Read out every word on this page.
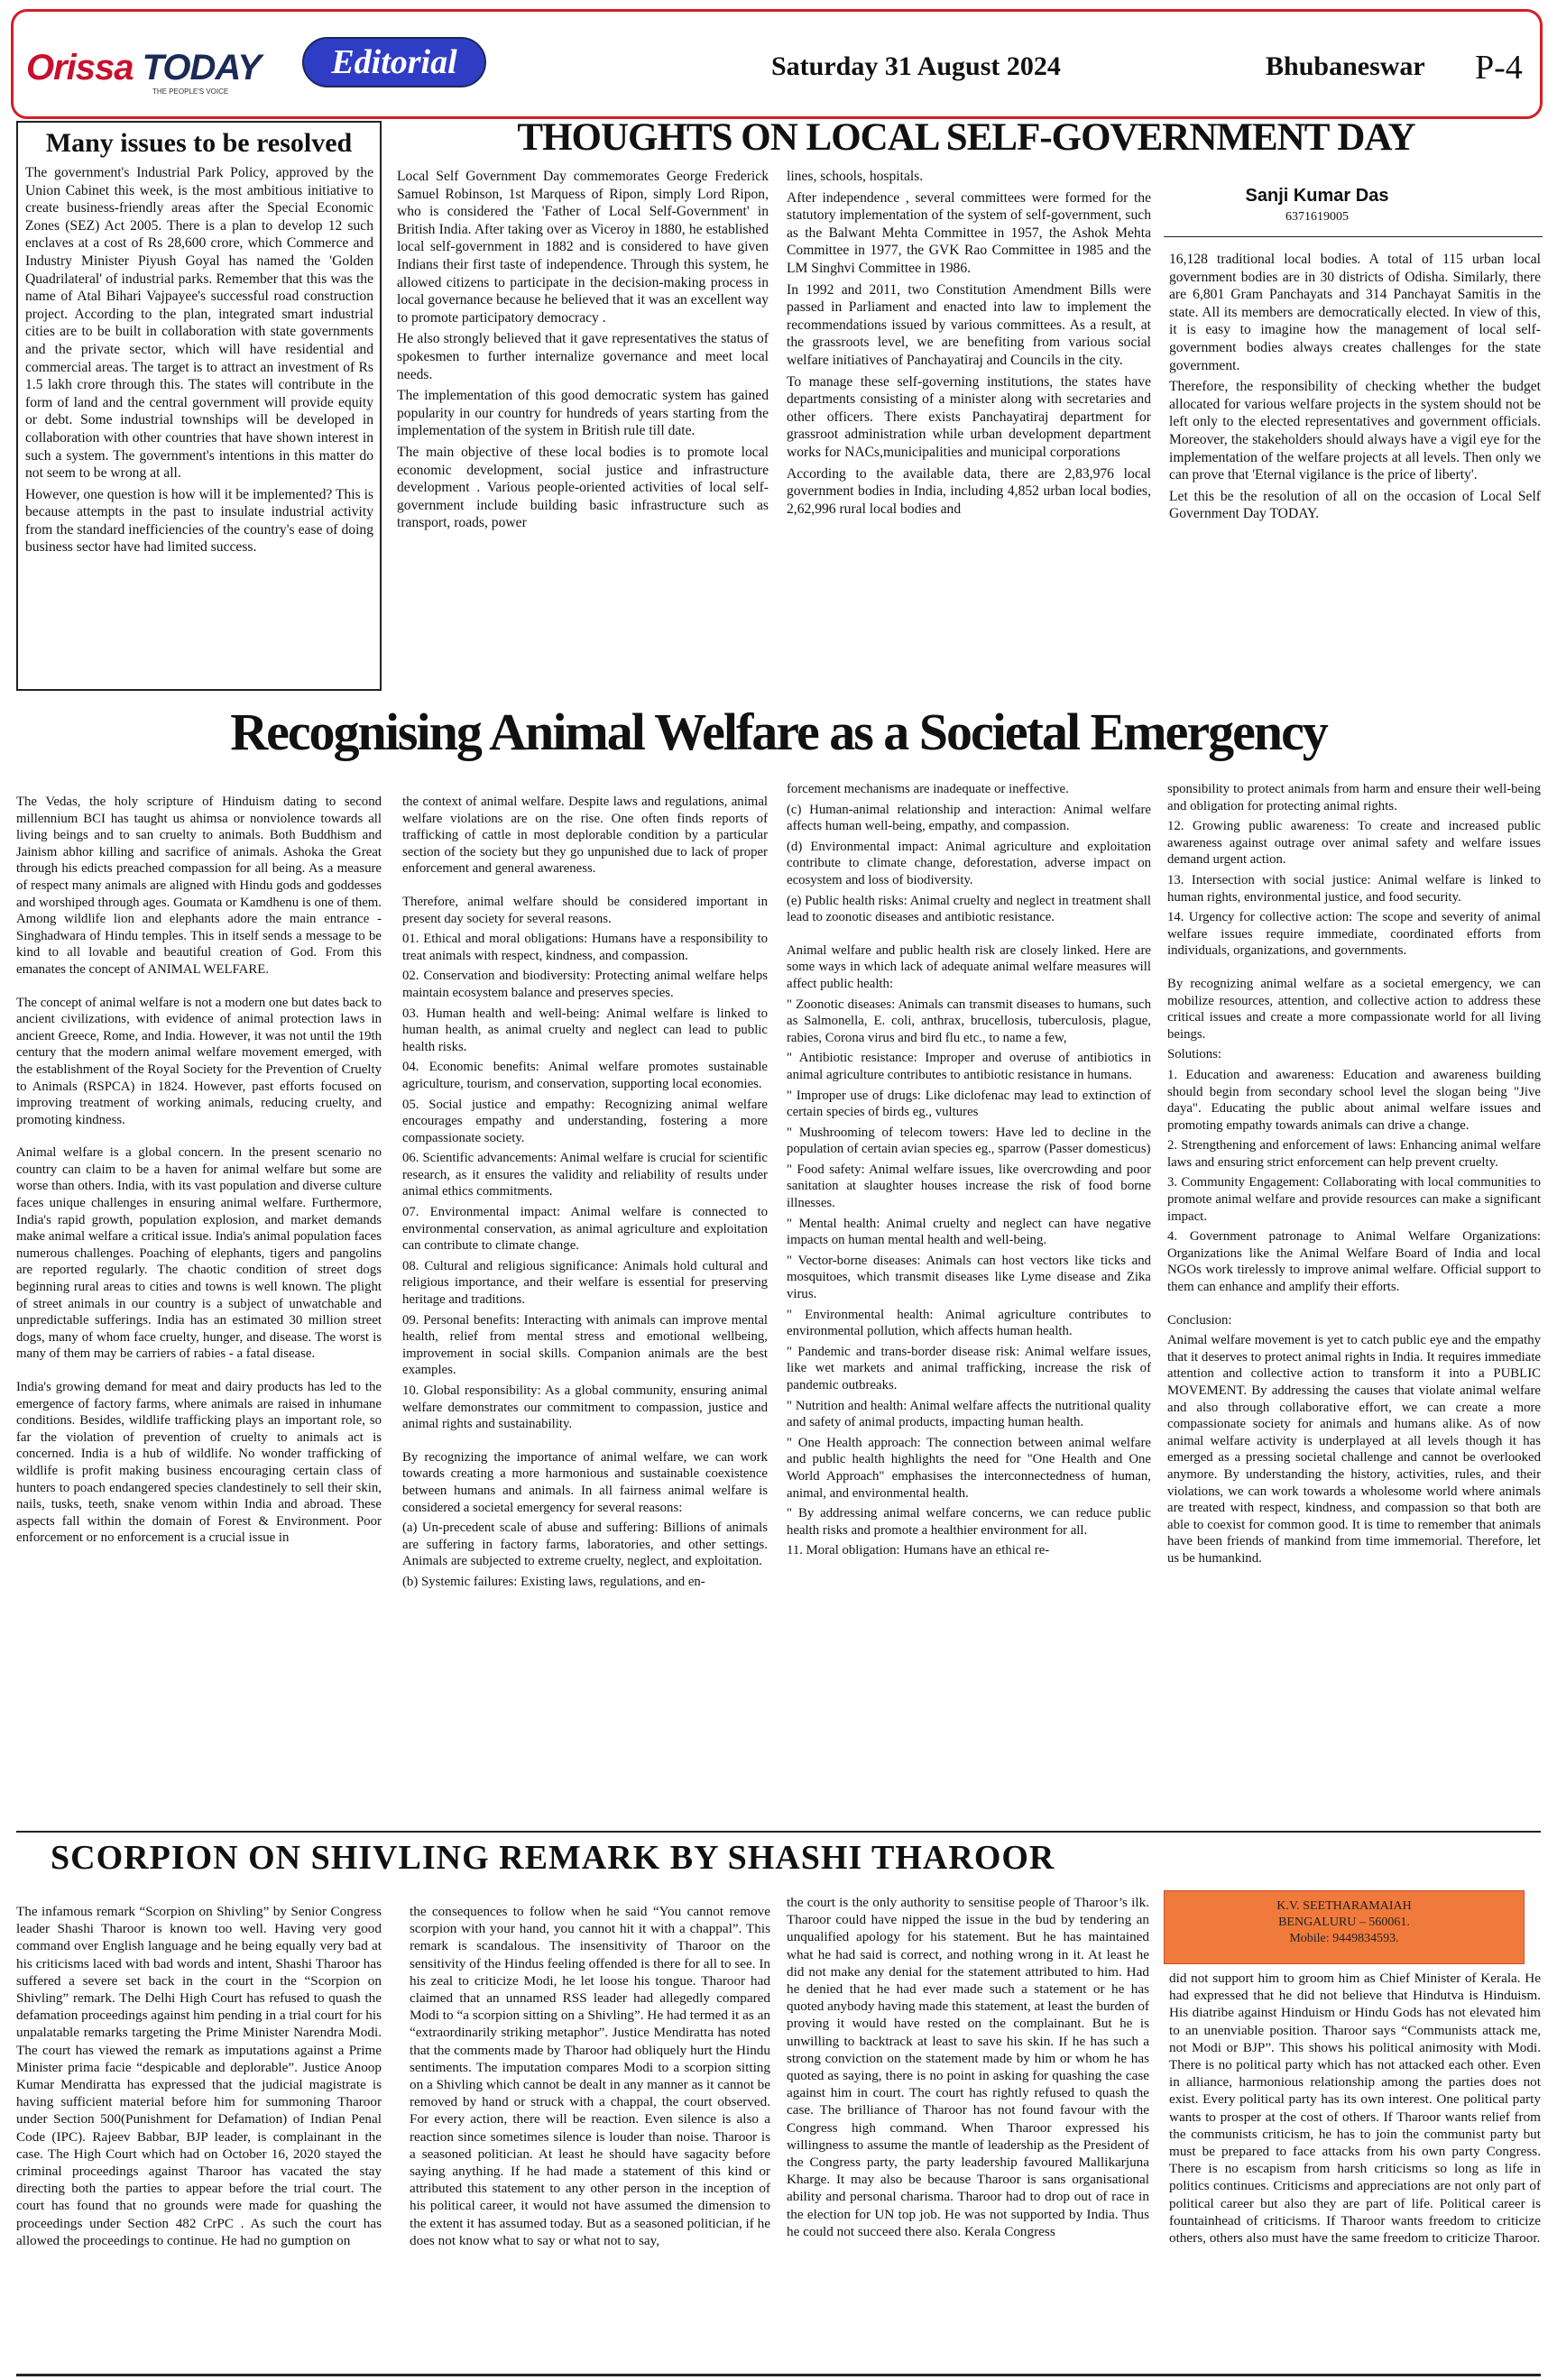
Orissa TODAY
THE PEOPLE'S VOICE
Editorial	Saturday 31 August 2024	Bhubaneswar P-4
Many issues to be resolved

The government's Industrial Park Policy, approved by the Union Cabinet this week, is the most ambitious initiative to create business-friendly areas after the Special Economic Zones (SEZ) Act 2005. There is a plan to develop 12 such enclaves at a cost of Rs 28,600 crore, which Commerce and Industry Minister Piyush Goyal has named the 'Golden Quadrilateral' of industrial parks. Remember that this was the name of Atal Bihari Vajpayee's successful road construction project. According to the plan, integrated smart industrial cities are to be built in collaboration with state governments and the private sector, which will have residential and commercial areas. The target is to attract an investment of Rs 1.5 lakh crore through this. The states will contribute in the form of land and the central government will provide equity or debt. Some industrial townships will be developed in collaboration with other countries that have shown interest in such a system. The government's intentions in this matter do not seem to be wrong at all.

However, one question is how will it be implemented? This is because attempts in the past to insulate industrial activity from the standard inefficiencies of the country's ease of doing business sector have had limited success.

THOUGHTS ON LOCAL SELF-GOVERNMENT DAY

Local Self Government Day commemorates George Frederick Samuel Robinson, 1st Marquess of Ripon, simply Lord Ripon, who is considered the 'Father of Local Self-Government' in British India. After taking over as Viceroy in 1880, he established local self-government in 1882 and is considered to have given Indians their first taste of independence. Through this system, he allowed citizens to participate in the decision-making process in local governance because he believed that it was an excellent way to promote participatory democracy .

He also strongly believed that it gave representatives the status of spokesmen to further internalize governance and meet local needs.

The implementation of this good democratic system has gained popularity in our country for hundreds of years starting from the implementation of the system in British rule till date.

The main objective of these local bodies is to promote local economic development, social justice and infrastructure development . Various people-oriented activities of local self-government include building basic infrastructure such as transport, roads, power

lines, schools, hospitals.

After independence , several committees were formed for the statutory implementation of the system of self-government, such as the Balwant Mehta Committee in 1957, the Ashok Mehta Committee in 1977, the GVK Rao Committee in 1985 and the LM Singhvi Committee in 1986.

In 1992 and 2011, two Constitution Amendment Bills were passed in Parliament and enacted into law to implement the recommendations issued by various committees. As a result, at the grassroots level, we are benefiting from various social welfare initiatives of Panchayatiraj and Councils in the city.

To manage these self-governing institutions, the states have departments consisting of a minister along with secretaries and other officers. There exists Panchayatiraj department for grassroot administration while urban development department works for NACs,municipalities and municipal corporations

According to the available data, there are 2,83,976 local government bodies in India, including 4,852 urban local bodies, 2,62,996 rural local bodies and

Sanji Kumar Das
6371619005

16,128 traditional local bodies. A total of 115 urban local government bodies are in 30 districts of Odisha. Similarly, there are 6,801 Gram Panchayats and 314 Panchayat Samitis in the state. All its members are democratically elected. In view of this, it is easy to imagine how the management of local self-government bodies always creates challenges for the state government.

Therefore, the responsibility of checking whether the budget allocated for various welfare projects in the system should not be left only to the elected representatives and government officials. Moreover, the stakeholders should always have a vigil eye for the implementation of the welfare projects at all levels. Then only we can prove that 'Eternal vigilance is the price of liberty'.

Let this be the resolution of all on the occasion of Local Self Government Day TODAY.

Recognising Animal Welfare as a Societal Emergency

The Vedas, the holy scripture of Hinduism dating to second millennium BCI has taught us ahimsa or nonviolence towards all living beings and to san cruelty to animals. Both Buddhism and Jainism abhor killing and sacrifice of animals. Ashoka the Great through his edicts preached compassion for all being. As a measure of respect many animals are aligned with Hindu gods and goddesses and worshiped through ages. Goumata or Kamdhenu is one of them. Among wildlife lion and elephants adore the main entrance - Singhadwara of Hindu temples. This in itself sends a message to be kind to all lovable and beautiful creation of God. From this emanates the concept of ANIMAL WELFARE.

The concept of animal welfare is not a modern one but dates back to ancient civilizations, with evidence of animal protection laws in ancient Greece, Rome, and India. However, it was not until the 19th century that the modern animal welfare movement emerged, with the establishment of the Royal Society for the Prevention of Cruelty to Animals (RSPCA) in 1824. However, past efforts focused on improving treatment of working animals, reducing cruelty, and promoting kindness.

Animal welfare is a global concern. In the present scenario no country can claim to be a haven for animal welfare but some are worse than others. India, with its vast population and diverse culture faces unique challenges in ensuring animal welfare. Furthermore, India's rapid growth, population explosion, and market demands make animal welfare a critical issue. India's animal population faces numerous challenges. Poaching of elephants, tigers and pangolins are reported regularly. The chaotic condition of street dogs beginning rural areas to cities and towns is well known. The plight of street animals in our country is a subject of unwatchable and unpredictable sufferings. India has an estimated 30 million street dogs, many of whom face cruelty, hunger, and disease. The worst is many of them may be carriers of rabies - a fatal disease.

India's growing demand for meat and dairy products has led to the emergence of factory farms, where animals are raised in inhumane conditions. Besides, wildlife trafficking plays an important role, so far the violation of prevention of cruelty to animals act is concerned. India is a hub of wildlife. No wonder trafficking of wildlife is profit making business encouraging certain class of hunters to poach endangered species clandestinely to sell their skin, nails, tusks, teeth, snake venom within India and abroad. These aspects fall within the domain of Forest & Environment. Poor enforcement or no enforcement is a crucial issue in

the context of animal welfare. Despite laws and regulations, animal welfare violations are on the rise. One often finds reports of trafficking of cattle in most deplorable condition by a particular section of the society but they go unpunished due to lack of proper enforcement and general awareness.

Therefore, animal welfare should be considered important in present day society for several reasons.

01. Ethical and moral obligations: Humans have a responsibility to treat animals with respect, kindness, and compassion.

02. Conservation and biodiversity: Protecting animal welfare helps maintain ecosystem balance and preserves species.

03. Human health and well-being: Animal welfare is linked to human health, as animal cruelty and neglect can lead to public health risks.

04. Economic benefits: Animal welfare promotes sustainable agriculture, tourism, and conservation, supporting local economies.

05. Social justice and empathy: Recognizing animal welfare encourages empathy and understanding, fostering a more compassionate society.

06. Scientific advancements: Animal welfare is crucial for scientific research, as it ensures the validity and reliability of results under animal ethics commitments.

07. Environmental impact: Animal welfare is connected to environmental conservation, as animal agriculture and exploitation can contribute to climate change.

08. Cultural and religious significance: Animals hold cultural and religious importance, and their welfare is essential for preserving heritage and traditions.

09. Personal benefits: Interacting with animals can improve mental health, relief from mental stress and emotional wellbeing, improvement in social skills. Companion animals are the best examples.

10. Global responsibility: As a global community, ensuring animal welfare demonstrates our commitment to compassion, justice and animal rights and sustainability.

By recognizing the importance of animal welfare, we can work towards creating a more harmonious and sustainable coexistence between humans and animals. In all fairness animal welfare is considered a societal emergency for several reasons:

(a) Un-precedent scale of abuse and suffering: Billions of animals are suffering in factory farms, laboratories, and other settings. Animals are subjected to extreme cruelty, neglect, and exploitation.

(b) Systemic failures: Existing laws, regulations, and en-

forcement mechanisms are inadequate or ineffective.

(c) Human-animal relationship and interaction: Animal welfare affects human well-being, empathy, and compassion.

(d) Environmental impact: Animal agriculture and exploitation contribute to climate change, deforestation, adverse impact on ecosystem and loss of biodiversity.

(e) Public health risks: Animal cruelty and neglect in treatment shall lead to zoonotic diseases and antibiotic resistance.

Animal welfare and public health risk are closely linked. Here are some ways in which lack of adequate animal welfare measures will affect public health:

" Zoonotic diseases: Animals can transmit diseases to humans, such as Salmonella, E. coli, anthrax, brucellosis, tuberculosis, plague, rabies, Corona virus and bird flu etc., to name a few,

" Antibiotic resistance: Improper and overuse of antibiotics in animal agriculture contributes to antibiotic resistance in humans.

" Improper use of drugs: Like diclofenac may lead to extinction of certain species of birds eg., vultures

" Mushrooming of telecom towers: Have led to decline in the population of certain avian species eg., sparrow (Passer domesticus)

" Food safety: Animal welfare issues, like overcrowding and poor sanitation at slaughter houses increase the risk of food borne illnesses.

" Mental health: Animal cruelty and neglect can have negative impacts on human mental health and well-being.

" Vector-borne diseases: Animals can host vectors like ticks and mosquitoes, which transmit diseases like Lyme disease and Zika virus.

" Environmental health: Animal agriculture contributes to environmental pollution, which affects human health.

" Pandemic and trans-border disease risk: Animal welfare issues, like wet markets and animal trafficking, increase the risk of pandemic outbreaks.

" Nutrition and health: Animal welfare affects the nutritional quality and safety of animal products, impacting human health.

" One Health approach: The connection between animal welfare and public health highlights the need for "One Health and One World Approach" emphasises the interconnectedness of human, animal, and environmental health.

" By addressing animal welfare concerns, we can reduce public health risks and promote a healthier environment for all.

11. Moral obligation: Humans have an ethical re-

sponsibility to protect animals from harm and ensure their well-being and obligation for protecting animal rights.

12. Growing public awareness: To create and increased public awareness against outrage over animal safety and welfare issues demand urgent action.

13. Intersection with social justice: Animal welfare is linked to human rights, environmental justice, and food security.

14. Urgency for collective action: The scope and severity of animal welfare issues require immediate, coordinated efforts from individuals, organizations, and governments.

By recognizing animal welfare as a societal emergency, we can mobilize resources, attention, and collective action to address these critical issues and create a more compassionate world for all living beings.

Solutions:

1. Education and awareness: Education and awareness building should begin from secondary school level the slogan being "Jive daya". Educating the public about animal welfare issues and promoting empathy towards animals can drive a change.

2. Strengthening and enforcement of laws: Enhancing animal welfare laws and ensuring strict enforcement can help prevent cruelty.

3. Community Engagement: Collaborating with local communities to promote animal welfare and provide resources can make a significant impact.

4. Government patronage to Animal Welfare Organizations: Organizations like the Animal Welfare Board of India and local NGOs work tirelessly to improve animal welfare. Official support to them can enhance and amplify their efforts.

Conclusion:

Animal welfare movement is yet to catch public eye and the empathy that it deserves to protect animal rights in India. It requires immediate attention and collective action to transform it into a PUBLIC MOVEMENT. By addressing the causes that violate animal welfare and also through collaborative effort, we can create a more compassionate society for animals and humans alike. As of now animal welfare activity is underplayed at all levels though it has emerged as a pressing societal challenge and cannot be overlooked anymore. By understanding the history, activities, rules, and their violations, we can work towards a wholesome world where animals are treated with respect, kindness, and compassion so that both are able to coexist for common good. It is time to remember that animals have been friends of mankind from time immemorial. Therefore, let us be humankind.

SCORPION ON SHIVLING REMARK BY SHASHI THAROOR

The infamous remark “Scorpion on Shivling” by Senior Congress leader Shashi Tharoor is known too well. Having very good command over English language and he being equally very bad at his criticisms laced with bad words and intent, Shashi Tharoor has suffered a severe set back in the court in the “Scorpion on Shivling” remark. The Delhi High Court has refused to quash the defamation proceedings against him pending in a trial court for his unpalatable remarks targeting the Prime Minister Narendra Modi. The court has viewed the remark as imputations against a Prime Minister prima facie “despicable and deplorable”. Justice Anoop Kumar Mendiratta has expressed that the judicial magistrate is having sufficient material before him for summoning Tharoor under Section 500(Punishment for Defamation) of Indian Penal Code (IPC). Rajeev Babbar, BJP leader, is complainant in the case. The High Court which had on October 16, 2020 stayed the criminal proceedings against Tharoor has vacated the stay directing both the parties to appear before the trial court. The court has found that no grounds were made for quashing the proceedings under Section 482 CrPC . As such the court has allowed the proceedings to continue. He had no gumption on

the consequences to follow when he said “You cannot remove scorpion with your hand, you cannot hit it with a chappal”. This remark is scandalous. The insensitivity of Tharoor on the sensitivity of the Hindus feeling offended is there for all to see. In his zeal to criticize Modi, he let loose his tongue. Tharoor had claimed that an unnamed RSS leader had allegedly compared Modi to “a scorpion sitting on a Shivling”. He had termed it as an “extraordinarily striking metaphor”. Justice Mendiratta has noted that the comments made by Tharoor had obliquely hurt the Hindu sentiments. The imputation compares Modi to a scorpion sitting on a Shivling which cannot be dealt in any manner as it cannot be removed by hand or struck with a chappal, the court observed. For every action, there will be reaction. Even silence is also a reaction since sometimes silence is louder than noise. Tharoor is a seasoned politician. At least he should have sagacity before saying anything. If he had made a statement of this kind or attributed this statement to any other person in the inception of his political career, it would not have assumed the dimension to the extent it has assumed today. But as a seasoned politician, if he does not know what to say or what not to say,

the court is the only authority to sensitise people of Tharoor’s ilk. Tharoor could have nipped the issue in the bud by tendering an unqualified apology for his statement. But he has maintained what he had said is correct, and nothing wrong in it. At least he did not make any denial for the statement attributed to him. Had he denied that he had ever made such a statement or he has quoted anybody having made this statement, at least the burden of proving it would have rested on the complainant. But he is unwilling to backtrack at least to save his skin. If he has such a strong conviction on the statement made by him or whom he has quoted as saying, there is no point in asking for quashing the case against him in court. The court has rightly refused to quash the case. The brilliance of Tharoor has not found favour with the Congress high command. When Tharoor expressed his willingness to assume the mantle of leadership as the President of the Congress party, the party leadership favoured Mallikarjuna Kharge. It may also be because Tharoor is sans organisational ability and personal charisma. Tharoor had to drop out of race in the election for UN top job. He was not supported by India. Thus he could not succeed there also. Kerala Congress

K.V. SEETHARAMAIAH
BENGALURU – 560061.
Mobile: 9449834593.

did not support him to groom him as Chief Minister of Kerala. He had expressed that he did not believe that Hindutva is Hinduism. His diatribe against Hinduism or Hindu Gods has not elevated him to an unenviable position. Tharoor says “Communists attack me, not Modi or BJP”. This shows his political animosity with Modi. There is no political party which has not attacked each other. Even in alliance, harmonious relationship among the parties does not exist. Every political party has its own interest. One political party wants to prosper at the cost of others. If Tharoor wants relief from the communists criticism, he has to join the communist party but must be prepared to face attacks from his own party Congress. There is no escapism from harsh criticisms so long as life in politics continues. Criticisms and appreciations are not only part of political career but also they are part of life. Political career is fountainhead of criticisms. If Tharoor wants freedom to criticize others, others also must have the same freedom to criticize Tharoor.
